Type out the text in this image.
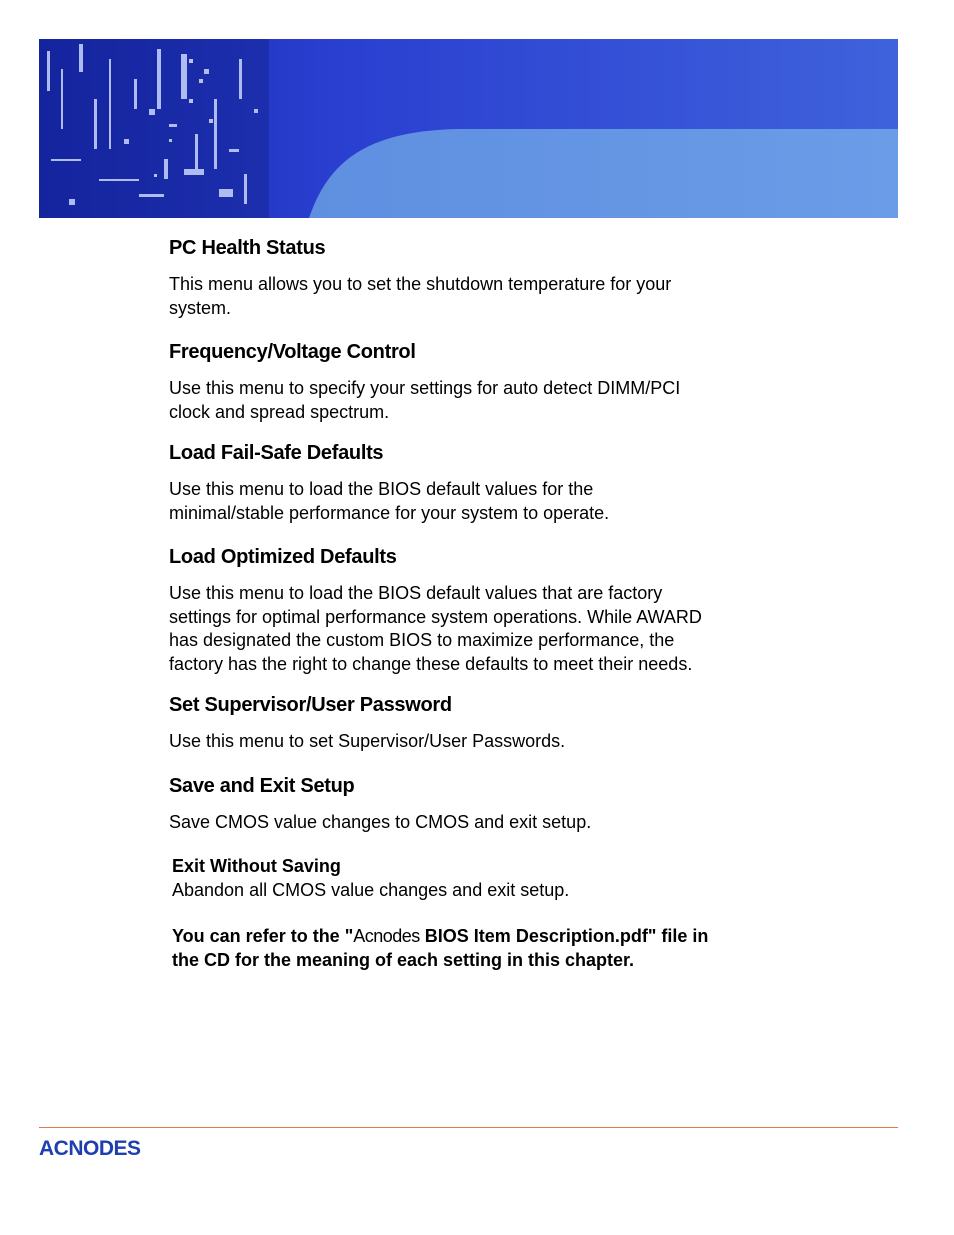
PC Health Status

This menu allows you to set the shutdown temperature for your

system.

Frequency/Voltage Control

Use this menu to specify your settings for auto detect DIMM/PCI

clock and spread spectrum.

Load Fail-Safe Defaults

Use this menu to load the BIOS default values for the

minimal/stable performance for your system to operate.

Load Optimized Defaults

Use this menu to load the BIOS default values that are factory

settings for optimal performance system operations. While AWARD

has designated the custom BIOS to maximize performance, the

factory has the right to change these defaults to meet their needs.

Set Supervisor/User Password

Use this menu to set Supervisor/User Passwords.

Save and Exit Setup

Save CMOS value changes to CMOS and exit setup.

Exit Without Saving

Abandon all CMOS value changes and exit setup.

You can refer to the "Acnodes BIOS Item Description.pdf" file in
the CD for the meaning of each setting in this chapter.
ACNODES
